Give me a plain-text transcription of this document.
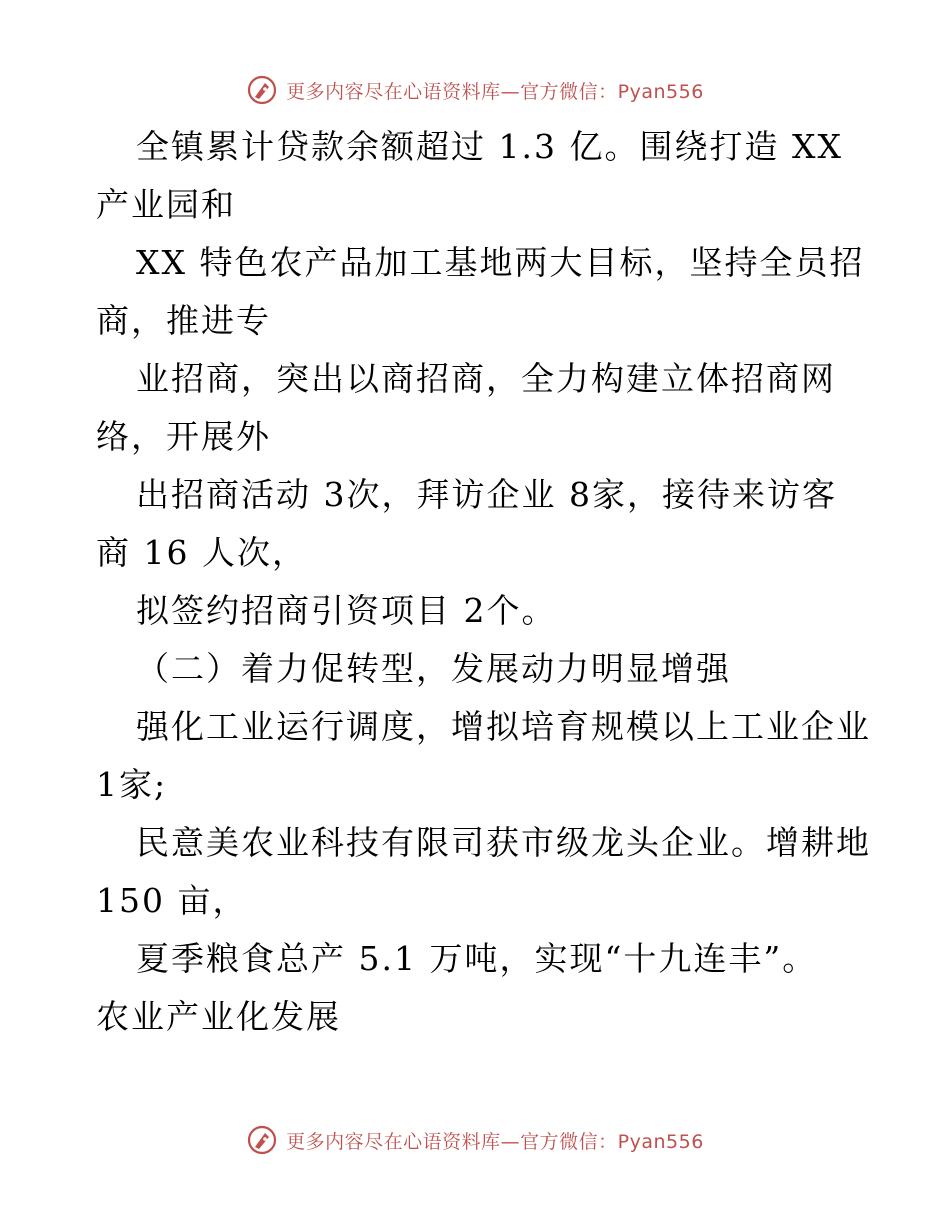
更多内容尽在心语资料库—官方微信：Pyan556
全镇累计贷款余额超过 1.3 亿。围绕打造 XX
产业园和
XX 特色农产品加工基地两大目标，坚持全员招
商，推进专
业招商，突出以商招商，全力构建立体招商网
络，开展外
出招商活动 3次，拜访企业 8家，接待来访客
商 16 人次，
拟签约招商引资项目 2个。
（二）着力促转型，发展动力明显增强
强化工业运行调度，增拟培育规模以上工业企业
1家;
民意美农业科技有限司获市级龙头企业。增耕地
150 亩，
夏季粮食总产 5.1 万吨，实现“十九连丰”。
农业产业化发展
更多内容尽在心语资料库—官方微信：Pyan556
